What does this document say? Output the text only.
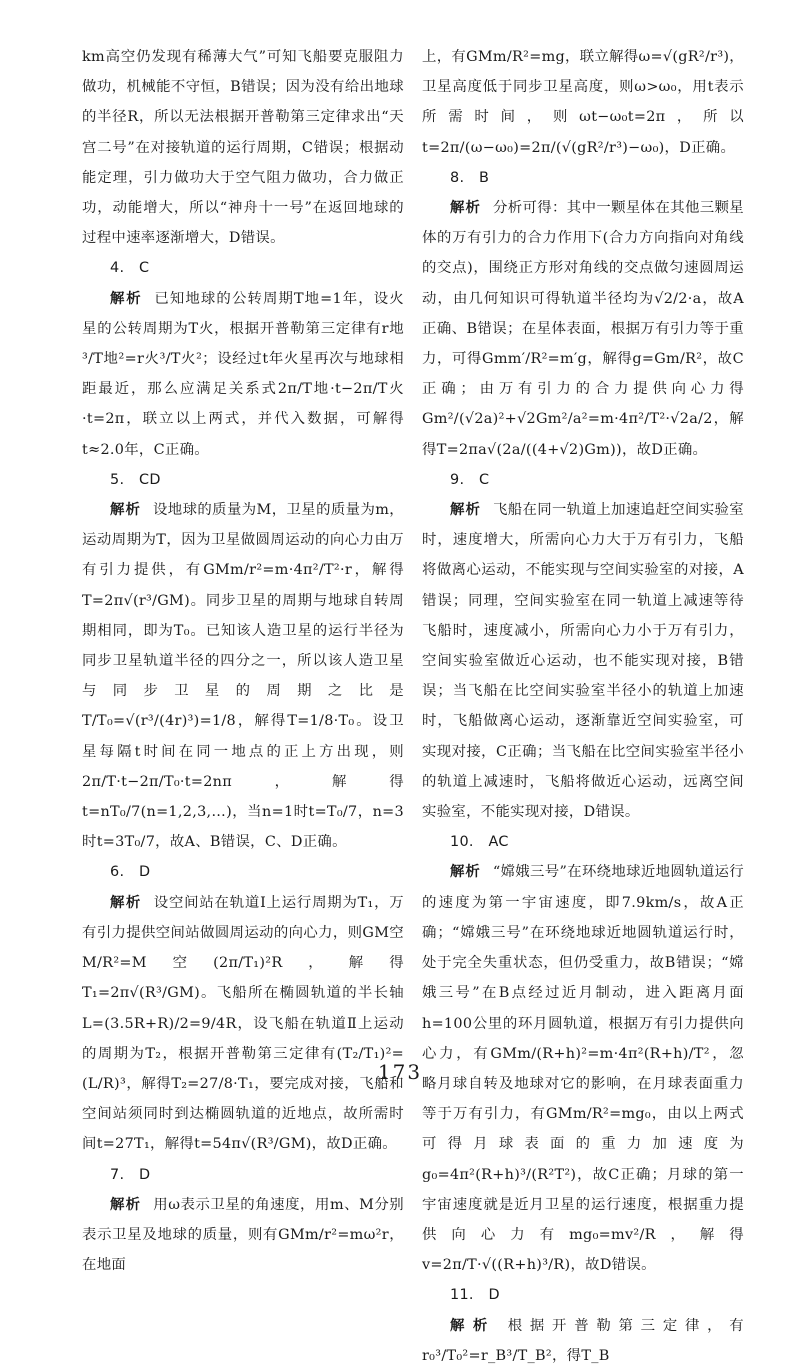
km高空仍发现有稀薄大气”可知飞船要克服阻力做功，机械能不守恒，B错误；因为没有给出地球的半径R，所以无法根据开普勒第三定律求出“天宫二号”在对接轨道的运行周期，C错误；根据动能定理，引力做功大于空气阻力做功，合力做正功，动能增大，所以“神舟十一号”在返回地球的过程中速率逐渐增大，D错误。

4.　C

解析 已知地球的公转周期T地=1年，设火星的公转周期为T火，根据开普勒第三定律有r地³/T地²=r火³/T火²；设经过t年火星再次与地球相距最近，那么应满足关系式2π/T地·t−2π/T火·t=2π，联立以上两式，并代入数据，可解得t≈2.0年，C正确。

5.　CD

解析 设地球的质量为M，卫星的质量为m，运动周期为T，因为卫星做圆周运动的向心力由万有引力提供，有GMm/r²=m·4π²/T²·r，解得T=2π√(r³/GM)。同步卫星的周期与地球自转周期相同，即为T₀。已知该人造卫星的运行半径为同步卫星轨道半径的四分之一，所以该人造卫星与同步卫星的周期之比是T/T₀=√(r³/(4r)³)=1/8，解得T=1/8·T₀。设卫星每隔t时间在同一地点的正上方出现，则2π/T·t−2π/T₀·t=2nπ，解得t=nT₀/7(n=1,2,3,…)，当n=1时t=T₀/7，n=3时t=3T₀/7，故A、B错误，C、D正确。

6.　D

解析 设空间站在轨道Ⅰ上运行周期为T₁，万有引力提供空间站做圆周运动的向心力，则GM空M/R²=M空(2π/T₁)²R，解得T₁=2π√(R³/GM)。飞船所在椭圆轨道的半长轴L=(3.5R+R)/2=9/4R，设飞船在轨道Ⅱ上运动的周期为T₂，根据开普勒第三定律有(T₂/T₁)²=(L/R)³，解得T₂=27/8·T₁，要完成对接，飞船和空间站须同时到达椭圆轨道的近地点，故所需时间t=27T₁，解得t=54π√(R³/GM)，故D正确。

7.　D

解析 用ω表示卫星的角速度，用m、M分别表示卫星及地球的质量，则有GMm/r²=mω²r，在地面

上，有GMm/R²=mg，联立解得ω=√(gR²/r³)，卫星高度低于同步卫星高度，则ω>ω₀，用t表示所需时间，则ωt−ω₀t=2π，所以t=2π/(ω−ω₀)=2π/(√(gR²/r³)−ω₀)，D正确。

8.　B

解析 分析可得：其中一颗星体在其他三颗星体的万有引力的合力作用下(合力方向指向对角线的交点)，围绕正方形对角线的交点做匀速圆周运动，由几何知识可得轨道半径均为√2/2·a，故A正确、B错误；在星体表面，根据万有引力等于重力，可得Gmm′/R²=m′g，解得g=Gm/R²，故C正确；由万有引力的合力提供向心力得Gm²/(√2a)²+√2Gm²/a²=m·4π²/T²·√2a/2，解得T=2πa√(2a/((4+√2)Gm))，故D正确。

9.　C

解析 飞船在同一轨道上加速追赶空间实验室时，速度增大，所需向心力大于万有引力，飞船将做离心运动，不能实现与空间实验室的对接，A错误；同理，空间实验室在同一轨道上减速等待飞船时，速度减小，所需向心力小于万有引力，空间实验室做近心运动，也不能实现对接，B错误；当飞船在比空间实验室半径小的轨道上加速时，飞船做离心运动，逐渐靠近空间实验室，可实现对接，C正确；当飞船在比空间实验室半径小的轨道上减速时，飞船将做近心运动，远离空间实验室，不能实现对接，D错误。

10.　AC

解析 “嫦娥三号”在环绕地球近地圆轨道运行的速度为第一宇宙速度，即7.9km/s，故A正确；“嫦娥三号”在环绕地球近地圆轨道运行时，处于完全失重状态，但仍受重力，故B错误；“嫦娥三号”在B点经过近月制动，进入距离月面h=100公里的环月圆轨道，根据万有引力提供向心力，有GMm/(R+h)²=m·4π²(R+h)/T²，忽略月球自转及地球对它的影响，在月球表面重力等于万有引力，有GMm/R²=mg₀，由以上两式可得月球表面的重力加速度为g₀=4π²(R+h)³/(R²T²)，故C正确；月球的第一宇宙速度就是近月卫星的运行速度，根据重力提供向心力有mg₀=mv²/R，解得v=2π/T·√((R+h)³/R)，故D错误。

11.　D

解析 根据开普勒第三定律，有r₀³/T₀²=r_B³/T_B²，得T_B

173
